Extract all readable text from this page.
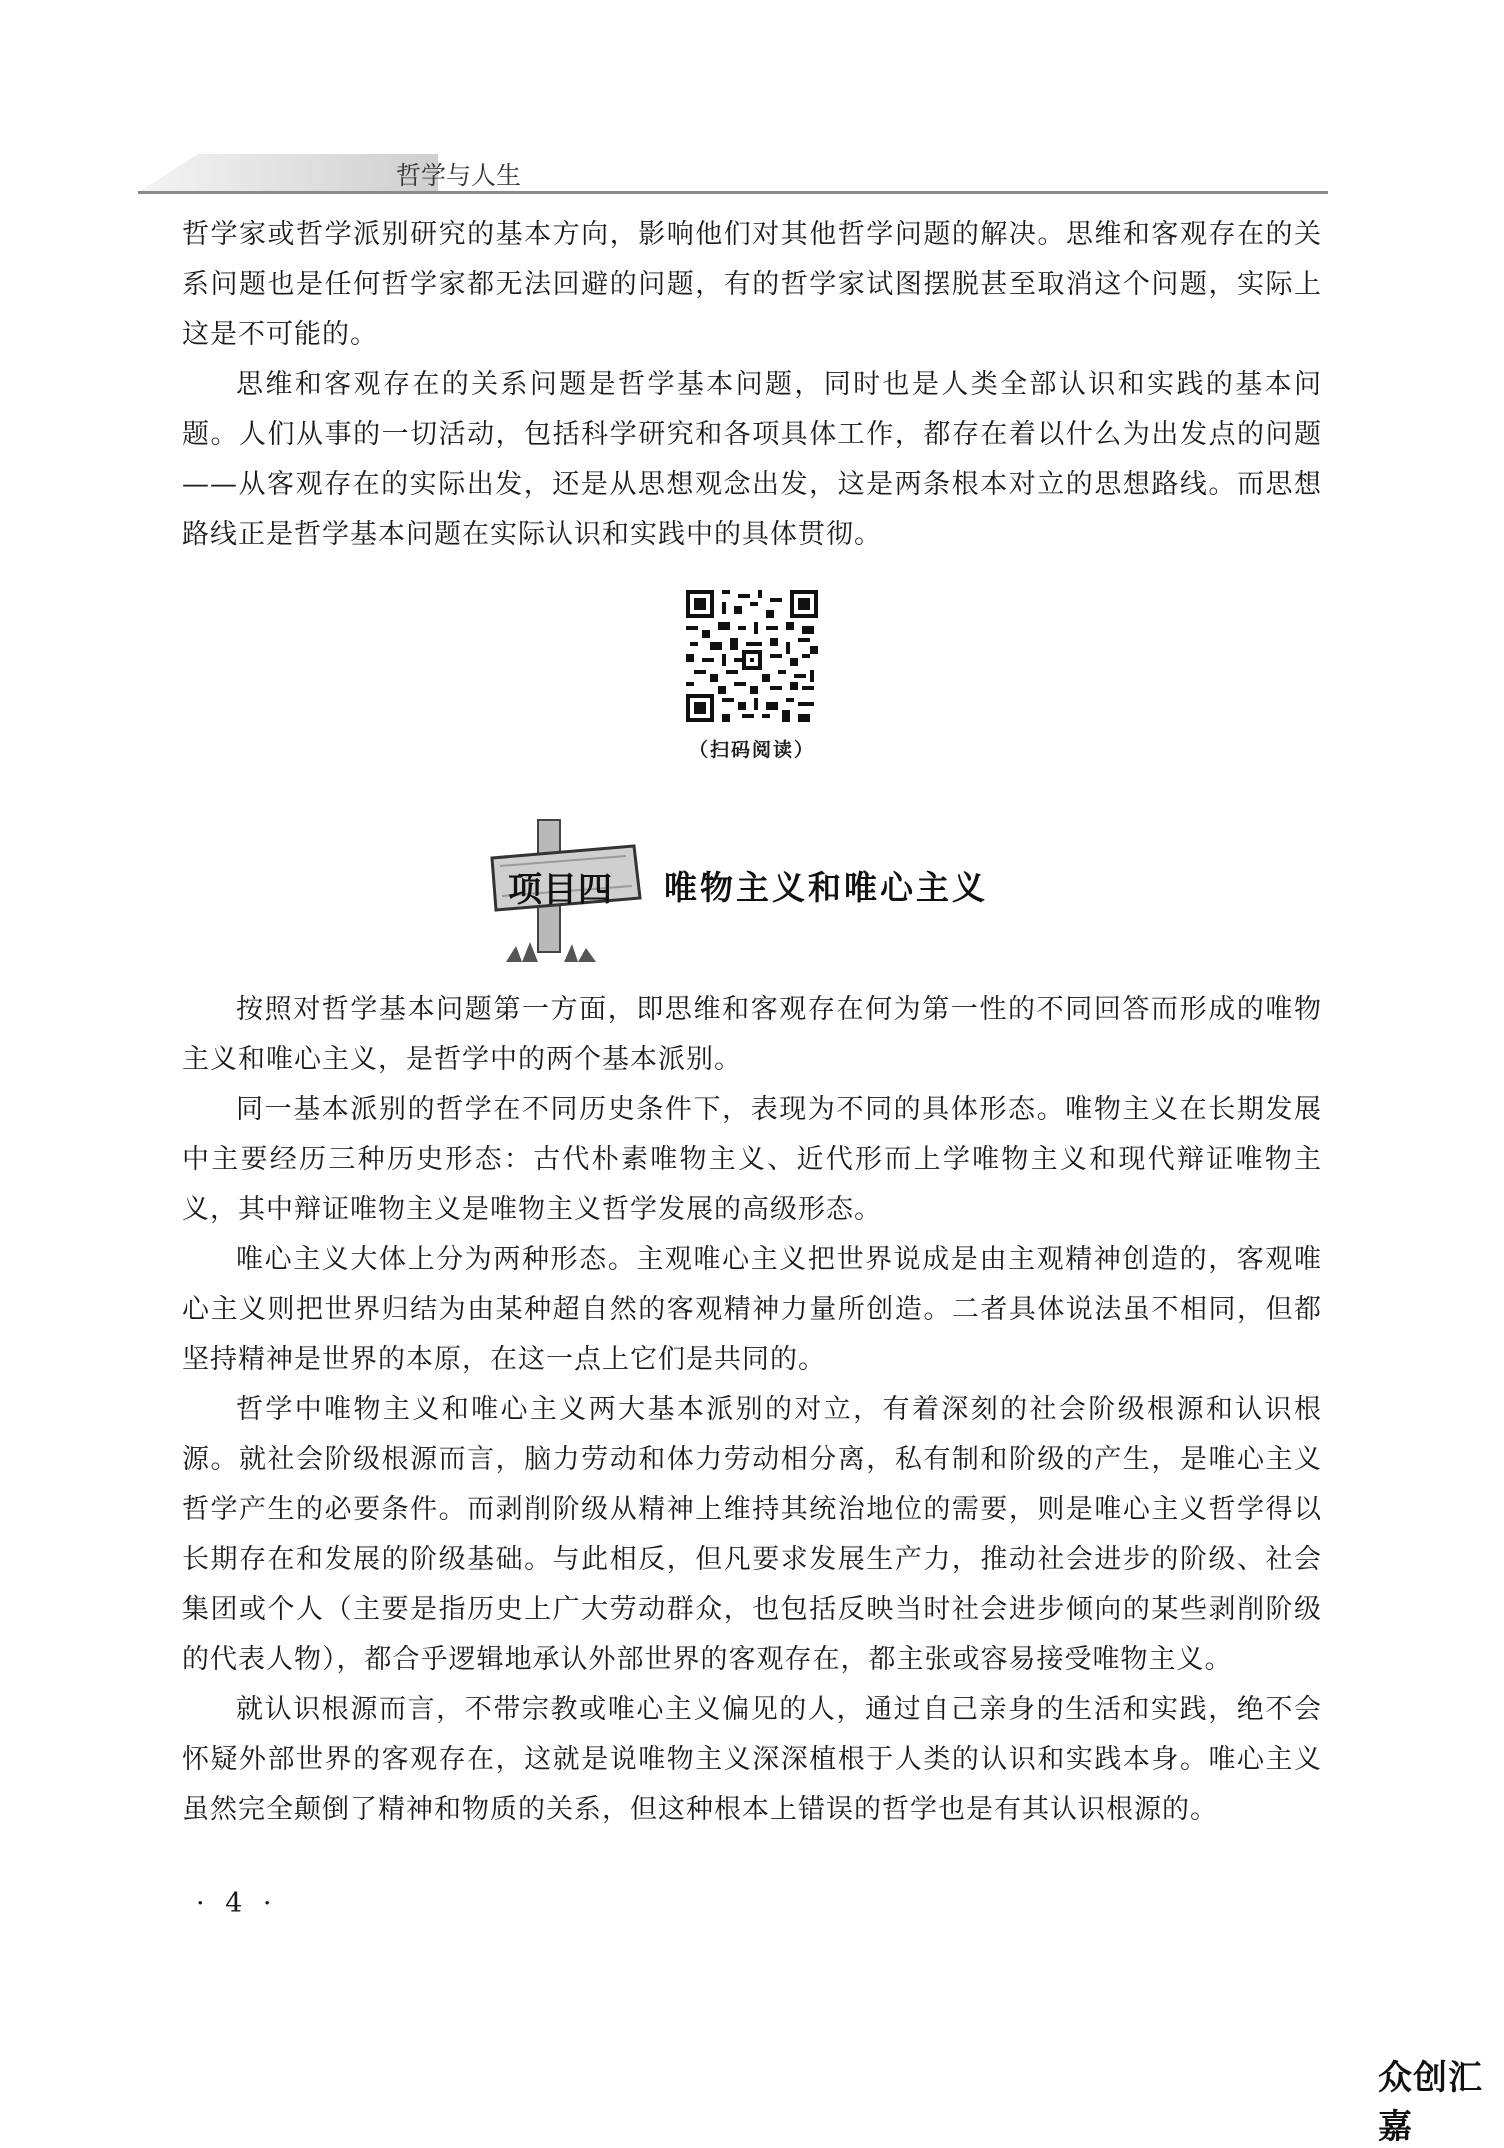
哲学与人生

哲学家或哲学派别研究的基本方向，影响他们对其他哲学问题的解决。思维和客观存在的关系问题也是任何哲学家都无法回避的问题，有的哲学家试图摆脱甚至取消这个问题，实际上这是不可能的。

思维和客观存在的关系问题是哲学基本问题，同时也是人类全部认识和实践的基本问题。人们从事的一切活动，包括科学研究和各项具体工作，都存在着以什么为出发点的问题——从客观存在的实际出发，还是从思想观念出发，这是两条根本对立的思想路线。而思想路线正是哲学基本问题在实际认识和实践中的具体贯彻。

（扫码阅读）
项目四 唯物主义和唯心主义

按照对哲学基本问题第一方面，即思维和客观存在何为第一性的不同回答而形成的唯物主义和唯心主义，是哲学中的两个基本派别。

同一基本派别的哲学在不同历史条件下，表现为不同的具体形态。唯物主义在长期发展中主要经历三种历史形态：古代朴素唯物主义、近代形而上学唯物主义和现代辩证唯物主义，其中辩证唯物主义是唯物主义哲学发展的高级形态。

唯心主义大体上分为两种形态。主观唯心主义把世界说成是由主观精神创造的，客观唯心主义则把世界归结为由某种超自然的客观精神力量所创造。二者具体说法虽不相同，但都坚持精神是世界的本原，在这一点上它们是共同的。

哲学中唯物主义和唯心主义两大基本派别的对立，有着深刻的社会阶级根源和认识根源。就社会阶级根源而言，脑力劳动和体力劳动相分离，私有制和阶级的产生，是唯心主义哲学产生的必要条件。而剥削阶级从精神上维持其统治地位的需要，则是唯心主义哲学得以长期存在和发展的阶级基础。与此相反，但凡要求发展生产力，推动社会进步的阶级、社会集团或个人（主要是指历史上广大劳动群众，也包括反映当时社会进步倾向的某些剥削阶级的代表人物），都合乎逻辑地承认外部世界的客观存在，都主张或容易接受唯物主义。

就认识根源而言，不带宗教或唯心主义偏见的人，通过自己亲身的生活和实践，绝不会怀疑外部世界的客观存在，这就是说唯物主义深深植根于人类的认识和实践本身。唯心主义虽然完全颠倒了精神和物质的关系，但这种根本上错误的哲学也是有其认识根源的。

· 4 ·
众创汇嘉
